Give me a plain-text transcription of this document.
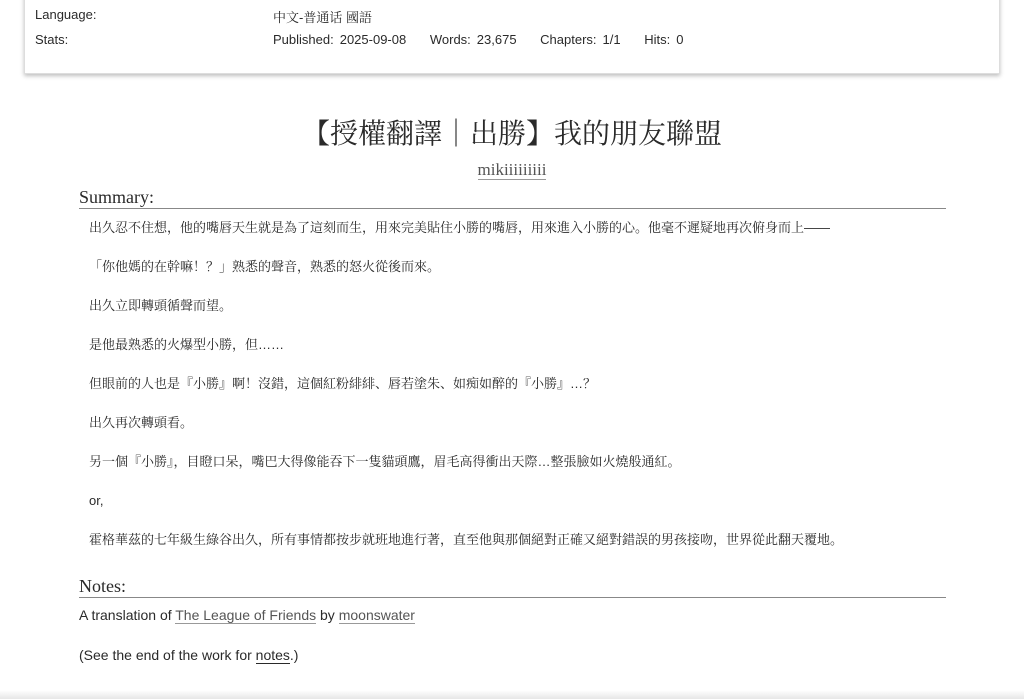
Language:	中文-普通话 國語
Stats:	Published: 2025-09-08 Words: 23,675 Chapters: 1/1 Hits: 0
【授權翻譯｜出勝】我的朋友聯盟
mikiiiiiiiii
Summary:
出久忍不住想，他的嘴唇天生就是為了這刻而生，用來完美貼住小勝的嘴唇，用來進入小勝的心。他毫不遲疑地再次俯身而上——
「你他媽的在幹嘛！？」熟悉的聲音，熟悉的怒火從後而來。
出久立即轉頭循聲而望。
是他最熟悉的火爆型小勝，但……
但眼前的人也是『小勝』啊！沒錯，這個紅粉緋緋、唇若塗朱、如痴如醉的『小勝』…？
出久再次轉頭看。
另一個『小勝』，目瞪口呆，嘴巴大得像能吞下一隻貓頭鷹，眉毛高得衝出天際…整張臉如火燒般通紅。
or,
霍格華茲的七年級生綠谷出久，所有事情都按步就班地進行著，直至他與那個絕對正確又絕對錯誤的男孩接吻，世界從此翻天覆地。
Notes:
A translation of The League of Friends by moonswater
(See the end of the work for notes.)
